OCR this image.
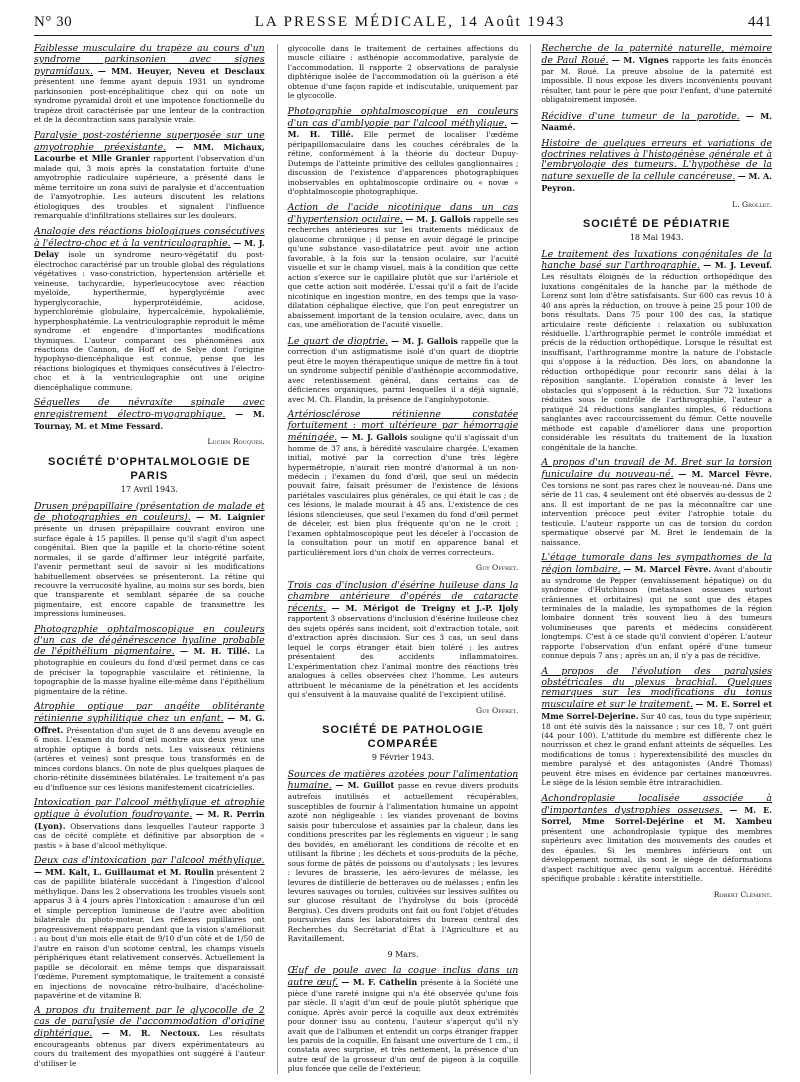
N° 30	LA PRESSE MÉDICALE, 14 Août 1943	441

Faiblesse musculaire du trapèze au cours d'un syndrome parkinsonien avec signes pyramidaux. — MM. Heuyer, Neveu et Desclaux présentent une femme ayant depuis 1931 un syndrome parkinsonien post-encéphalitique chez qui on note un syndrome pyramidal droit et une impotence fonctionnelle du trapèze droit caractérisée par une lenteur de la contraction et de la décontraction sans paralysie vraie.

Paralysie post-zostérienne superposée sur une amyotrophie préexistante. — MM. Michaux, Lacourbe et Mlle Granier rapportent l'observation d'un malade qui, 3 mois après la constatation fortuite d'une amyotrophie radiculaire supérieure, a présenté dans le même territoire un zona suivi de paralysie et d'accentuation de l'amyotrophie. Les auteurs discutent les relations étiologiques des troubles et signalent l'influence remarquable d'infiltrations stellaires sur les douleurs.

Analogie des réactions biologiques consécutives à l'électro-choc et à la ventriculographie. — M. J. Delay isole un syndrome neuro-végétatif du post-électrochoc caractérisé par un trouble global des régulations végétatives : vaso-constriction, hypertension artérielle et veineuse, tachycardie, hyperleucocytose avec réaction myéloïde, hyperthermie, hyperglycémie avec hyperglycorachie, hyperprotéidémie, acidose, hyperchlorémie globulaire, hypercalcémie, hypokaliémie, hyperphosphatémie. La ventriculographie reproduit le même syndrome et engendre d'importantes modifications thymiques. L'auteur comparant ces phénomènes aux réactions de Cannon, de Hoff et de Selye dont l'origine hypophyso-diencéphalique est connue, pense que les réactions biologiques et thymiques consécutives à l'électro-choc et à la ventriculographie ont une origine diencéphalique commune.

Séquelles de névraxite spinale avec enregistrement électro-myographique. — M. Tournay, M. et Mme Fessard.

Lucien Rouquès.
SOCIÉTÉ D'OPHTALMOLOGIE DE PARIS
17 Avril 1943.

Drusen prépapillaire (présentation de malade et de photographies en couleurs). — M. Laignier présente un drusen prépapillaire couvrant environ une surface égale à 15 papilles. Il pense qu'il s'agit d'un aspect congénital. Bien que la papille et la chorio-rétine soient normales, il se garde d'affirmer leur intégrité parfaite, l'avenir permettant seul de savoir si les modifications habituellement observées se présenteront. La rétine qui recouvre la verrucosité hyaline, au moins sur ses bords, bien que transparente et semblant séparée de sa couche pigmentaire, est encore capable de transmettre les impressions lumineuses.

Photographie ophtalmoscopique en couleurs d'un cas de dégénérescence hyaline probable de l'épithélium pigmentaire. — M. H. Tillé. La photographie en couleurs du fond d'œil permet dans ce cas de préciser la topographie vasculaire et rétinienne, la topographie de la masse hyaline elle-même dans l'épithélium pigmentaire de la rétine.

Atrophie optique par angéite oblitérante rétinienne syphilitique chez un enfant. — M. G. Offret. Présentation d'un sujet de 8 ans devenu aveugle en 6 mois. L'examen du fond d'œil montre aux deux yeux une atrophie optique à bords nets. Les vaisseaux rétiniens (artères et veines) sont presque tous transformés en de minces cordons blancs. On note de plus quelques plaques de chorio-rétinite disséminées bilatérales. Le traitement n'a pas eu d'influence sur ces lésions manifestement cicatricielles.

Intoxication par l'alcool méthylique et atrophie optique à évolution foudroyante. — M. R. Perrin (Lyon). Observations dans lesquelles l'auteur rapporte 3 cas de cécité complète et définitive par absorption de « pastis » à base d'alcool méthylique.

Deux cas d'intoxication par l'alcool méthylique. — MM. Kalt, L. Guillaumat et M. Roulin présentent 2 cas de papillite bilatérale succédant à l'ingestion d'alcool méthylique. Dans les 2 observations les troubles visuels sont apparus 3 à 4 jours après l'intoxication : amaurose d'un œil et simple perception lumineuse de l'autre avec abolition bilatérale du photo-moteur. Les réflexes pupillaires ont progressivement réapparu pendant que la vision s'améliorait : au bout d'un mois elle était de 9/10 d'un côté et de 1/50 de l'autre en raison d'un scotome central, les champs visuels périphériques étant relativement conservés. Actuellement la papille se décolorait en même temps que disparaissait l'œdème. Purement symptomatique, le traitement a consisté en injections de novocaïne rétro-bulbaire, d'acécholine-papavérine et de vitamine B.

A propos du traitement par le glycocolle de 2 cas de paralysie de l'accommodation d'origine diphtérique. — M. R. Nectoux. Les résultats encourageants obtenus par divers expérimentateurs au cours du traitement des myopathies ont suggéré à l'auteur d'utiliser le

glycocolle dans le traitement de certaines affections du muscle ciliaire : asthénopie accommodative, paralysie de l'accommodation. Il rapporte 2 observations de paralysie diphtérique isolée de l'accommodation où la guérison a été obtenue d'une façon rapide et indiscutable, uniquement par le glycocolle.

Photographie ophtalmoscopique en couleurs d'un cas d'amblyopie par l'alcool méthylique. — M. H. Tillé. Elle permet de localiser l'œdème péripapillomaculaire dans les couches cérébrales de la rétine, conformément à la théorie du docteur Dupuy-Dutemps de l'atteinte primitive des cellules ganglionnaires ; discussion de l'existence d'apparences photographiques inobservables en ophtalmoscopie ordinaire ou « novæ » d'ophtalmoscopie photographique.

Action de l'acide nicotinique dans un cas d'hypertension oculaire. — M. J. Gallois rappelle ses recherches antérieures sur les traitements médicaux de glaucome chronique ; il pense en avoir dégagé le principe qu'une substance vaso-dilatatrice peut avoir une action favorable, à la fois sur la tension oculaire, sur l'acuité visuelle et sur le champ visuel, mais à la condition que cette action s'exerce sur le capillaire plutôt que sur l'artériole et que cette action soit modérée. L'essai qu'il a fait de l'acide nicotinique en ingestion montre, en des temps que la vaso-dilatation céphalique élective, que l'on peut enregistrer un abaissement important de la tension oculaire, avec, dans un cas, une amélioration de l'acuité visuelle.

Le quart de dioptrie. — M. J. Gallois rappelle que la correction d'un astigmatisme isolé d'un quart de dioptrie peut être le moyen thérapeutique unique de mettre fin à tout un syndrome subjectif pénible d'asthénopie accommodative, avec retentissement général, dans certains cas de déficiences organiques, parmi lesquelles il a déjà signalé, avec M. Ch. Flandin, la présence de l'angiohypotonie.

Artériosclérose rétinienne constatée fortuitement : mort ultérieure par hémorragie méningée. — M. J. Gallois souligne qu'il s'agissait d'un homme de 37 ans, à hérédité vasculaire chargée. L'examen initial, motivé par la correction d'une très légère hypermétropie, n'aurait rien montré d'anormal à un non-médecin ; l'examen du fond d'œil, que seul un médecin pouvait faire, faisait présumer de l'existence de lésions pariétales vasculaires plus générales, ce qui était le cas ; de ces lésions, le malade mourait à 45 ans. L'existence de ces lésions silencieuses, que seul l'examen du fond d'œil permet de déceler, est bien plus fréquente qu'on ne le croit ; l'examen ophtalmoscopique peut les déceler à l'occasion de la consultation pour un motif en apparence banal et particulièrement lors d'un choix de verres correcteurs.

Guy Offret.

Trois cas d'inclusion d'ésérine huileuse dans la chambre antérieure d'opérés de cataracte récents. — M. Mérigot de Treigny et J.-P. Ijoly rapportent 3 observations d'inclusion d'ésérine huileuse chez des sujets opérés sans incident, soit d'extraction totale, soit d'extraction après discission. Sur ces 3 cas, un seul dans lequel le corps étranger était bien toléré ; les autres présentaient des accidents inflammatoires. L'expérimentation chez l'animal montre des réactions très analogues à celles observées chez l'homme. Les auteurs attribuent le mécanisme de la pénétration et les accidents qui s'ensuivent à la mauvaise qualité de l'excipient utilisé.

Guy Offret.
SOCIÉTÉ DE PATHOLOGIE COMPARÉE
9 Février 1943.

Sources de matières azotées pour l'alimentation humaine. — M. Guillot passe en revue divers produits autrefois inutilisés et actuellement récupérables, susceptibles de fournir à l'alimentation humaine un appoint azoté non négligeable : les viandes provenant de bovins saisis pour tuberculose et assainies par la chaleur, dans les conditions prescrites par les règlements en vigueur ; le sang des bovidés, en améliorant les conditions de récolte et en utilisant la fibrine ; les déchets et sous-produits de la pêche, sous forme de pâtés de poissons ou d'autolysats ; les levures : levures de brasserie, les aéro-levures de mélasse, les levures de distillerie de betteraves ou de mélasses ; enfin les levures sauvages ou torules, cultivées sur lessives sulfites ou sur glucose résultant de l'hydrolyse du bois (procédé Bergius). Ces divers produits ont fait ou font l'objet d'études poursuivies dans les laboratoires du bureau central des Recherches du Secrétariat d'État à l'Agriculture et au Ravitaillement.

9 Mars.

Œuf de poule avec la coque inclus dans un autre œuf. — M. F. Cathelin présente à la Société une pièce d'une rareté insigne qui n'a été observée qu'une fois par siècle. Il s'agit d'un œuf de poule plutôt sphérique que conique. Après avoir percé la coquille aux deux extrémités pour donner issu au contenu, l'auteur s'aperçut qu'il n'y avait que de l'albumen et entendit un corps étranger frapper les parois de la coquille. En faisant une ouverture de 1 cm., il constata avec surprise, et très nettement, la présence d'un autre œuf de la grosseur d'un œuf de pigeon à la coquille plus foncée que celle de l'extérieur.

Recherche de la paternité naturelle, mémoire de Paul Roué. — M. Vignes rapporte les faits énoncés par M. Roué. La preuve absolue de la paternité est impossible. Il nous expose les divers inconvénients pouvant résulter, tant pour le père que pour l'enfant, d'une paternité obligatoirement imposée.

Récidive d'une tumeur de la parotide. — M. Naamé.

Histoire de quelques erreurs et variations de doctrines relatives à l'histogénèse générale et à l'embryologie des tumeurs. L'hypothèse de la nature sexuelle de la cellule cancéreuse. — M. A. Peyron.

L. Grollet.
SOCIÉTÉ DE PÉDIATRIE
18 Mai 1943.

Le traitement des luxations congénitales de la hanche basé sur l'arthrographie. — M. J. Leveuf. Les résultats éloignés de la réduction orthopédique des luxations congénitales de la hanche par la méthode de Lorenz sont loin d'être satisfaisants. Sur 600 cas revus 10 à 40 ans après la réduction, on trouve à peine 25 pour 100 de bons résultats. Dans 75 pour 100 des cas, la statique articulaire reste déficiente : relaxation ou subluxation résiduelle. L'arthrographie permet le contrôle immédiat et précis de la réduction orthopédique. Lorsque le résultat est insuffisant, l'arthrogramme montre la nature de l'obstacle qui s'oppose à la réduction. Dès lors, on abandonne la réduction orthopédique pour recourir sans délai à la réposition sanglante. L'opération consiste à lever les obstacles qui s'opposent à la réduction. Sur 72 luxations réduites sous le contrôle de l'arthrographie, l'auteur a pratiqué 24 réductions sanglantes simples, 6 réductions sanglantes avec raccourcissement du fémur. Cette nouvelle méthode est capable d'améliorer dans une proportion considérable les résultats du traitement de la luxation congénitale de la hanche.

A propos d'un travail de M. Bret sur la torsion funiculaire du nouveau-né. — M. Marcel Fèvre. Ces torsions ne sont pas rares chez le nouveau-né. Dans une série de 11 cas, 4 seulement ont été observés au-dessus de 2 ans. Il est important de ne pas la méconnaître car une intervention précoce peut éviter l'atrophie totale du testicule. L'auteur rapporte un cas de torsion du cordon spermatique observé par M. Bret le lendemain de la naissance.

L'étage tumorale dans les sympathomes de la région lombaire. — M. Marcel Fèvre. Avant d'aboutir au syndrome de Pepper (envahissement hépatique) ou du syndrome d'Hutchinson (métastases osseuses surtout crâniennes et orbitaires) qui ne sont que des étapes terminales de la maladie, les sympathomes de la région lombaire donnent très souvent lieu à des tumeurs volumineuses que parents et médecins considèrent longtemps. C'est à ce stade qu'il convient d'opérer. L'auteur rapporte l'observation d'un enfant opéré d'une tumeur connue depuis 7 ans ; après un an, il n'y a pas de récidive.

A propos de l'évolution des paralysies obstétricales du plexus brachial. Quelques remarques sur les modifications du tonus musculaire et sur le traitement. — M. E. Sorrel et Mme Sorrel-Dejerine. Sur 40 cas, tous du type supérieur, 18 ont été suivis dès la naissance ; sur ces 18, 7 ont guéri (44 pour 100). L'attitude du membre est différente chez le nourrisson et chez le grand enfant atteints de séquelles. Les modifications de tonus : hyperextensibilité des muscles du membre paralysé et des antagonistes (André Thomas) peuvent être mises en évidence par certaines manœuvres. Le siège de la lésion semble être intrarachidien.

Achondroplasie localisée associée à d'importantes dystrophies osseuses. — M. E. Sorrel, Mme Sorrel-Dejérine et M. Xambeu présentent une achondroplasie typique des membres supérieurs avec limitation des mouvements des coudes et des épaules. Si les membres inférieurs ont un développement normal, ils sont le siège de déformations d'aspect rachitique avec genu valgum accentué. Hérédité spécifique probable : kératite interstitielle.

Robert Clément.
